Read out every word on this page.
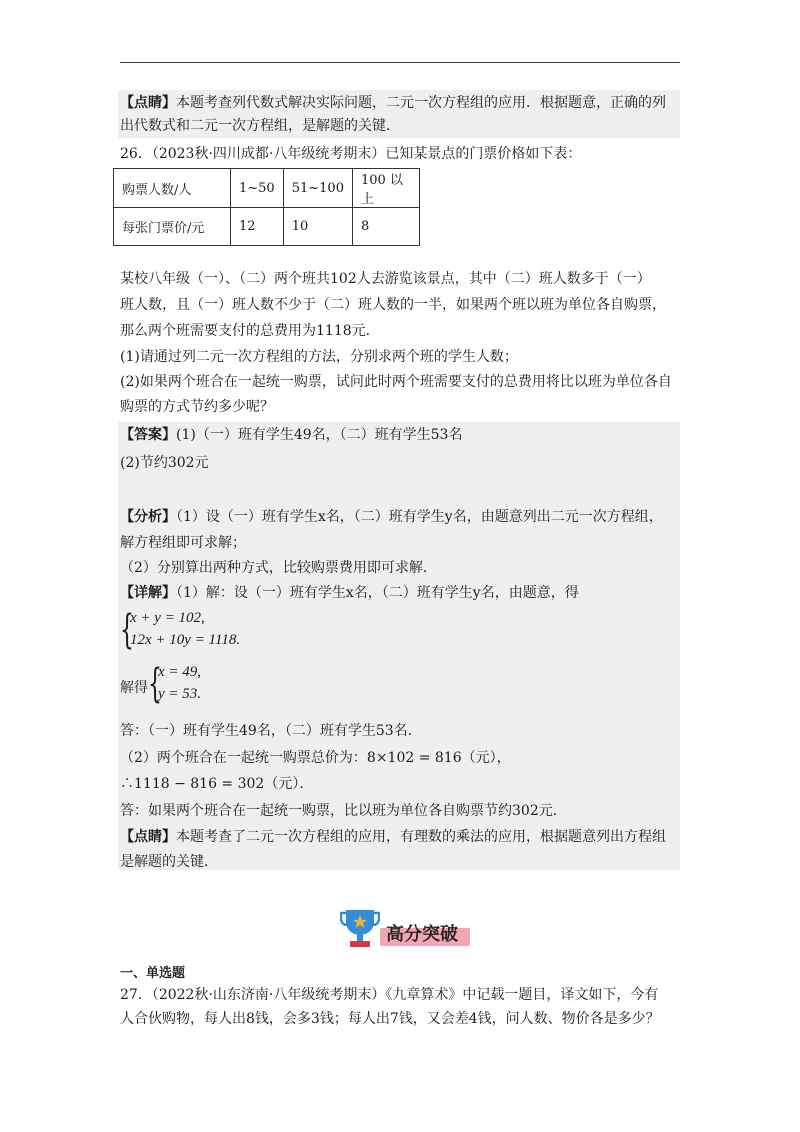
【点睛】本题考查列代数式解决实际问题，二元一次方程组的应用．根据题意，正确的列
出代数式和二元一次方程组，是解题的关键．
26．（2023秋·四川成都·八年级统考期末）已知某景点的门票价格如下表：
购票人数/人	1~50	51~100	100 以上
每张门票价/元	12	10	8
某校八年级（一）、（二）两个班共102人去游览该景点，其中（二）班人数多于（一）
班人数，且（一）班人数不少于（二）班人数的一半，如果两个班以班为单位各自购票，
那么两个班需要支付的总费用为1118元．
(1)请通过列二元一次方程组的方法，分别求两个班的学生人数；
(2)如果两个班合在一起统一购票，试问此时两个班需要支付的总费用将比以班为单位各自
购票的方式节约多少呢？
【答案】(1)（一）班有学生49名，（二）班有学生53名
(2)节约302元
【分析】（1）设（一）班有学生x名，（二）班有学生y名，由题意列出二元一次方程组，
解方程组即可求解；
（2）分别算出两种方式，比较购票费用即可求解．
【详解】（1）解：设（一）班有学生x名，（二）班有学生y名，由题意，得
{
x + y = 102,
12x + 10y = 1118.
解得 {
x = 49,
y = 53.
答：（一）班有学生49名，（二）班有学生53名．
（2）两个班合在一起统一购票总价为：8×102 = 816（元），
∴1118 − 816 = 302（元）．
答：如果两个班合在一起统一购票，比以班为单位各自购票节约302元．
【点睛】本题考查了二元一次方程组的应用，有理数的乘法的应用，根据题意列出方程组
是解题的关键．
高分突破
一、单选题
27．（2022秋·山东济南·八年级统考期末）《九章算术》中记载一题目，译文如下，今有
人合伙购物，每人出8钱，会多3钱；每人出7钱，又会差4钱，问人数、物价各是多少？
